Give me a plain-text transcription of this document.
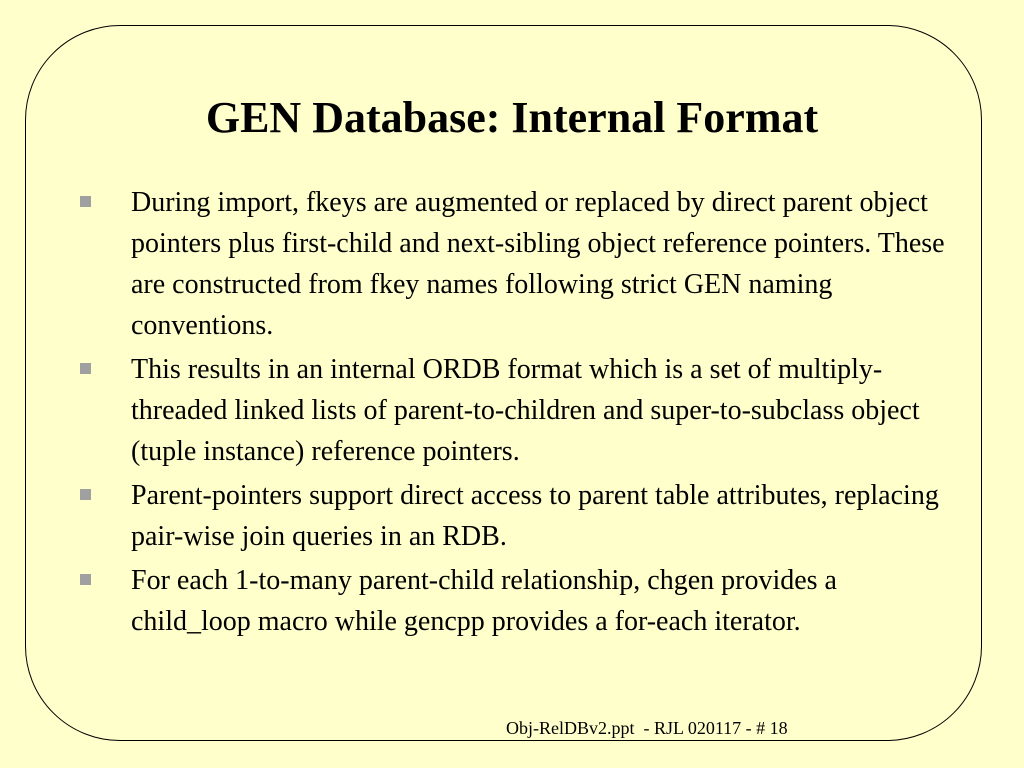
GEN Database: Internal Format
During import, fkeys are augmented or replaced by direct parent object pointers plus first-child and next-sibling object reference pointers. These are constructed from fkey names following strict GEN naming conventions.
This results in an internal ORDB format which is a set of multiply-threaded linked lists of parent-to-children and super-to-subclass object (tuple instance) reference pointers.
Parent-pointers support direct access to parent table attributes, replacing pair-wise join queries in an RDB.
For each 1-to-many parent-child relationship, chgen provides a child_loop macro while gencpp provides a for-each iterator.
Obj-RelDBv2.ppt  - RJL 020117 - # 18
